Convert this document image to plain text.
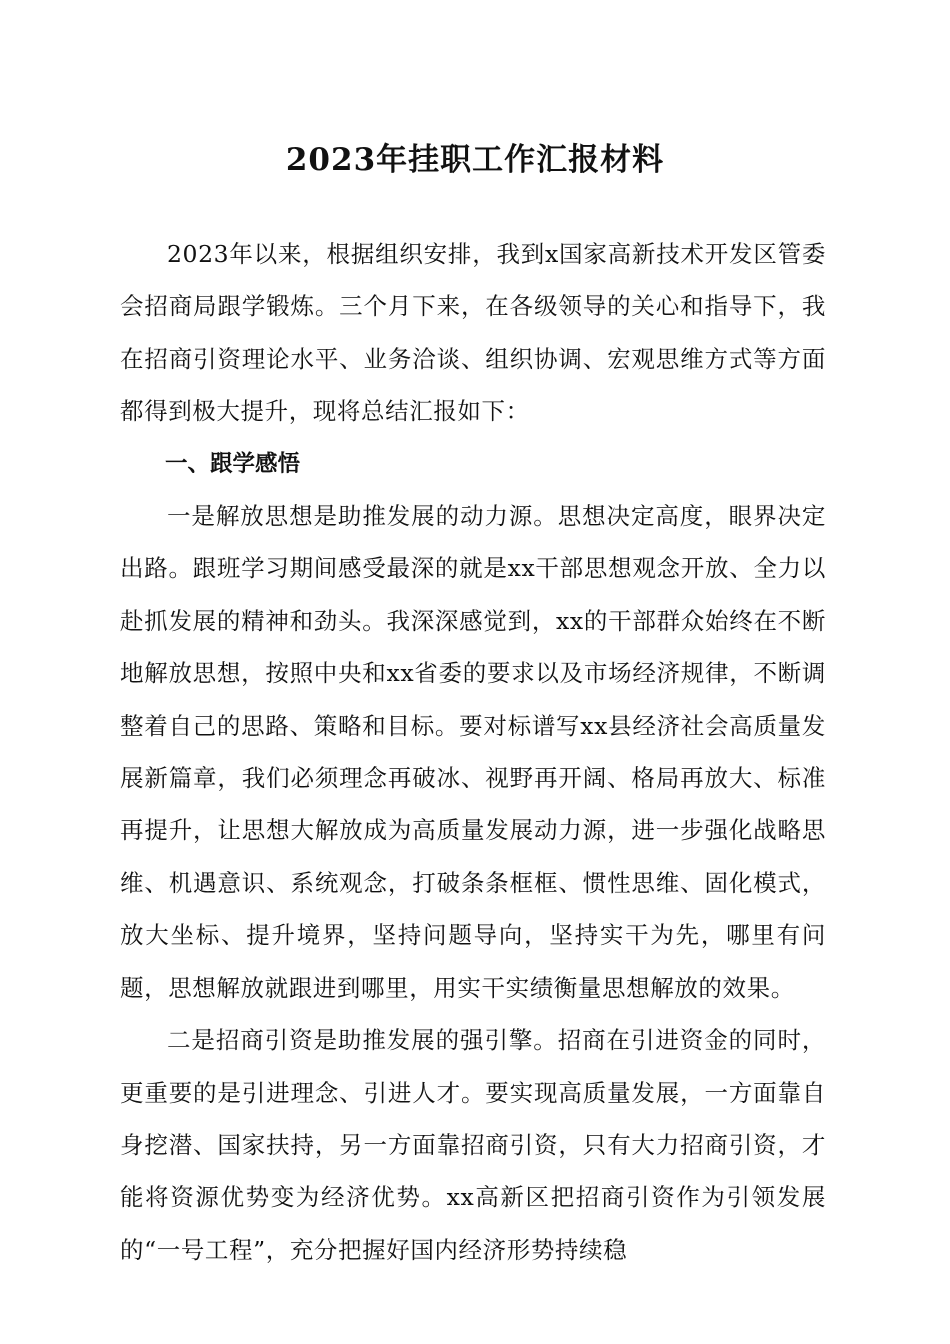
2023年挂职工作汇报材料

2023年以来，根据组织安排，我到x国家高新技术开发区管委会招商局跟学锻炼。三个月下来，在各级领导的关心和指导下，我在招商引资理论水平、业务洽谈、组织协调、宏观思维方式等方面都得到极大提升，现将总结汇报如下：

一、跟学感悟

一是解放思想是助推发展的动力源。思想决定高度，眼界决定出路。跟班学习期间感受最深的就是xx干部思想观念开放、全力以赴抓发展的精神和劲头。我深深感觉到，xx的干部群众始终在不断地解放思想，按照中央和xx省委的要求以及市场经济规律，不断调整着自己的思路、策略和目标。要对标谱写xx县经济社会高质量发展新篇章，我们必须理念再破冰、视野再开阔、格局再放大、标准再提升，让思想大解放成为高质量发展动力源，进一步强化战略思维、机遇意识、系统观念，打破条条框框、惯性思维、固化模式，放大坐标、提升境界，坚持问题导向，坚持实干为先，哪里有问题，思想解放就跟进到哪里，用实干实绩衡量思想解放的效果。

二是招商引资是助推发展的强引擎。招商在引进资金的同时，更重要的是引进理念、引进人才。要实现高质量发展，一方面靠自身挖潜、国家扶持，另一方面靠招商引资，只有大力招商引资，才能将资源优势变为经济优势。xx高新区把招商引资作为引领发展的“一号工程”，充分把握好国内经济形势持续稳
